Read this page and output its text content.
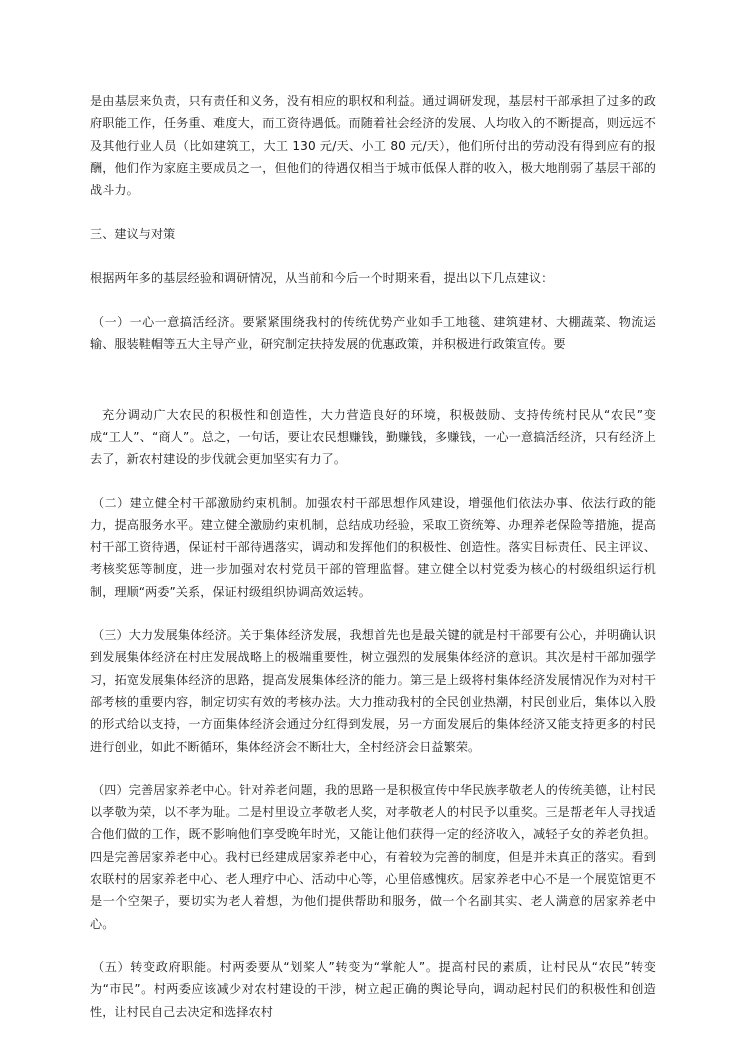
是由基层来负责，只有责任和义务，没有相应的职权和利益。通过调研发现，基层村干部承担了过多的政府职能工作，任务重、难度大，而工资待遇低。而随着社会经济的发展、人均收入的不断提高，则远远不及其他行业人员（比如建筑工，大工 130 元/天、小工 80 元/天），他们所付出的劳动没有得到应有的报酬，他们作为家庭主要成员之一，但他们的待遇仅相当于城市低保人群的收入，极大地削弱了基层干部的战斗力。

三、建议与对策

根据两年多的基层经验和调研情况，从当前和今后一个时期来看，提出以下几点建议：

（一）一心一意搞活经济。要紧紧围绕我村的传统优势产业如手工地毯、建筑建材、大棚蔬菜、物流运输、服装鞋帽等五大主导产业，研究制定扶持发展的优惠政策，并积极进行政策宣传。要

充分调动广大农民的积极性和创造性，大力营造良好的环境，积极鼓励、支持传统村民从“农民”变成“工人”、“商人”。总之，一句话，要让农民想赚钱，勤赚钱，多赚钱，一心一意搞活经济，只有经济上去了，新农村建设的步伐就会更加坚实有力了。

（二）建立健全村干部激励约束机制。加强农村干部思想作风建设，增强他们依法办事、依法行政的能力，提高服务水平。建立健全激励约束机制，总结成功经验，采取工资统筹、办理养老保险等措施，提高村干部工资待遇，保证村干部待遇落实，调动和发挥他们的积极性、创造性。落实目标责任、民主评议、考核奖惩等制度，进一步加强对农村党员干部的管理监督。建立健全以村党委为核心的村级组织运行机制，理顺“两委”关系，保证村级组织协调高效运转。

（三）大力发展集体经济。关于集体经济发展，我想首先也是最关键的就是村干部要有公心，并明确认识到发展集体经济在村庄发展战略上的极端重要性，树立强烈的发展集体经济的意识。其次是村干部加强学习，拓宽发展集体经济的思路，提高发展集体经济的能力。第三是上级将村集体经济发展情况作为对村干部考核的重要内容，制定切实有效的考核办法。大力推动我村的全民创业热潮，村民创业后，集体以入股的形式给以支持，一方面集体经济会通过分红得到发展，另一方面发展后的集体经济又能支持更多的村民进行创业，如此不断循环，集体经济会不断壮大，全村经济会日益繁荣。

（四）完善居家养老中心。针对养老问题，我的思路一是积极宣传中华民族孝敬老人的传统美德，让村民以孝敬为荣，以不孝为耻。二是村里设立孝敬老人奖，对孝敬老人的村民予以重奖。三是帮老年人寻找适合他们做的工作，既不影响他们享受晚年时光，又能让他们获得一定的经济收入，减轻子女的养老负担。四是完善居家养老中心。我村已经建成居家养老中心，有着较为完善的制度，但是并未真正的落实。看到农联村的居家养老中心、老人理疗中心、活动中心等，心里倍感愧疚。居家养老中心不是一个展览馆更不是一个空架子，要切实为老人着想，为他们提供帮助和服务，做一个名副其实、老人满意的居家养老中心。

（五）转变政府职能。村两委要从“划桨人”转变为“掌舵人”。提高村民的素质，让村民从“农民”转变为“市民”。村两委应该减少对农村建设的干涉，树立起正确的舆论导向，调动起村民们的积极性和创造性，让村民自己去决定和选择农村
